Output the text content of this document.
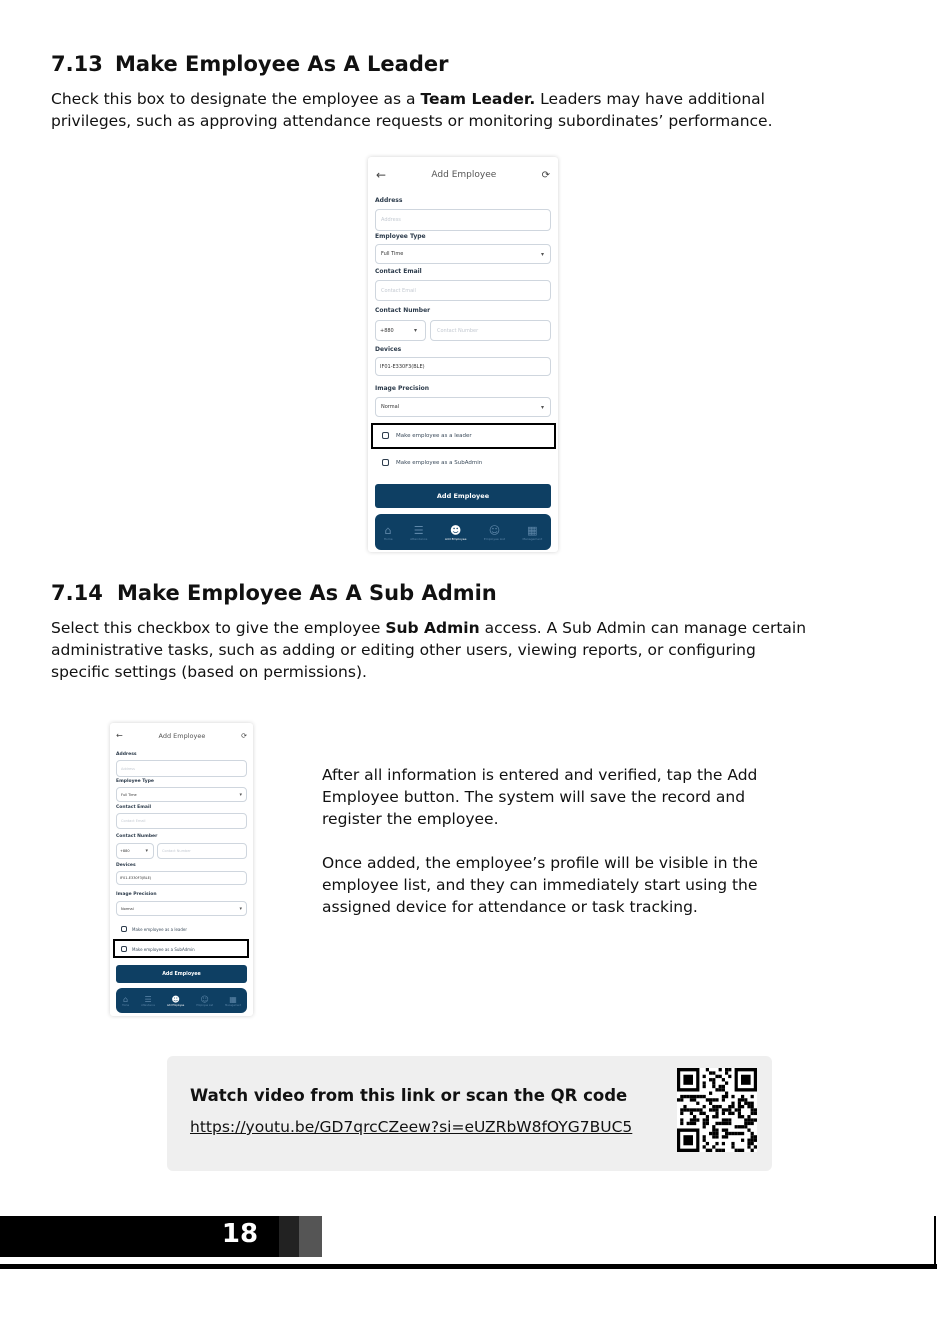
7.13 Make Employee As A Leader
Check this box to designate the employee as a Team Leader. Leaders may have additional privileges, such as approving attendance requests or monitoring subordinates’ performance.
←	Add Employee	⟳
Address
Address
Employee Type
Full Time	▾
Contact Email
Contact Email
Contact Number
+880	▾	Contact Number
Devices
IF01-E330F3(BLE)
Image Precision
Normal	▾
Make employee as a leader
Make employee as a SubAdmin
Add Employee
⌂
Home
☰
Attendance
☻
Add Employee
☺
Employee List
▦
Management
7.14 Make Employee As A Sub Admin
Select this checkbox to give the employee Sub Admin access. A Sub Admin can manage certain administrative tasks, such as adding or editing other users, viewing reports, or configuring specific settings (based on permissions).
←	Add Employee	⟳
Address
Address
Employee Type
Full Time	▾
Contact Email
Contact Email
Contact Number
+880	▾	Contact Number
Devices
IF01-E330F3(BLE)
Image Precision
Normal	▾
Make employee as a leader
Make employee as a SubAdmin
Add Employee
⌂
Home
☰
Attendance
☻
Add Employee
☺
Employee List
▦
Management

After all information is entered and verified, tap the Add Employee button. The system will save the record and register the employee.

Once added, the employee’s profile will be visible in the employee list, and they can immediately start using the assigned device for attendance or task tracking.

Watch video from this link or scan the QR code
https://youtu.be/GD7qrcCZeew?si=eUZRbW8fOYG7BUC5
18
